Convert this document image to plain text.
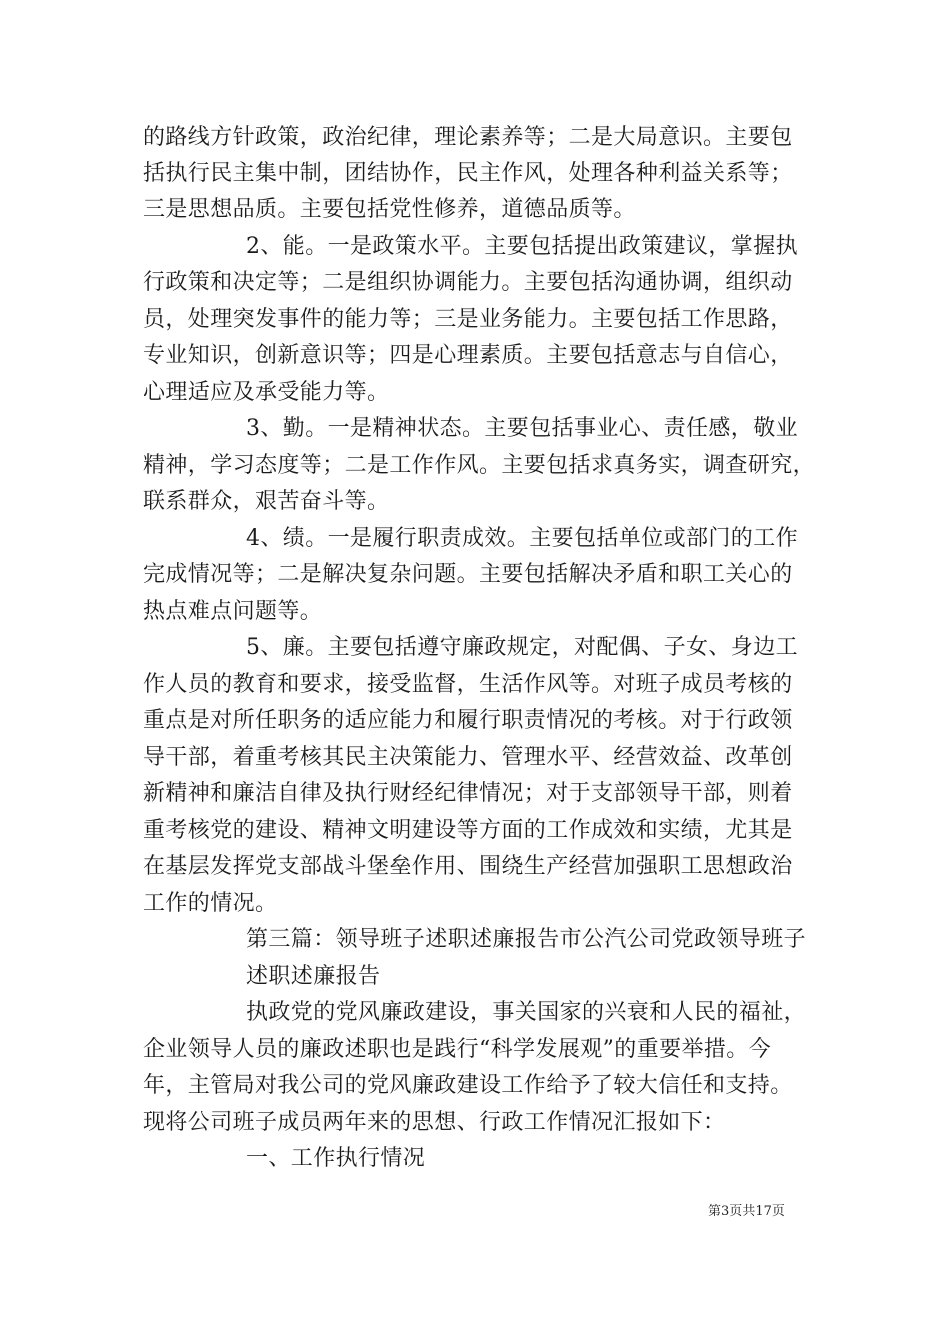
的路线方针政策，政治纪律，理论素养等；二是大局意识。主要包
括执行民主集中制，团结协作，民主作风，处理各种利益关系等；
三是思想品质。主要包括党性修养，道德品质等。
2、能。一是政策水平。主要包括提出政策建议，掌握执
行政策和决定等；二是组织协调能力。主要包括沟通协调，组织动
员，处理突发事件的能力等；三是业务能力。主要包括工作思路，
专业知识，创新意识等；四是心理素质。主要包括意志与自信心，
心理适应及承受能力等。
3、勤。一是精神状态。主要包括事业心、责任感，敬业
精神，学习态度等；二是工作作风。主要包括求真务实，调查研究，
联系群众，艰苦奋斗等。
4、绩。一是履行职责成效。主要包括单位或部门的工作
完成情况等；二是解决复杂问题。主要包括解决矛盾和职工关心的
热点难点问题等。
5、廉。主要包括遵守廉政规定，对配偶、子女、身边工
作人员的教育和要求，接受监督，生活作风等。对班子成员考核的
重点是对所任职务的适应能力和履行职责情况的考核。对于行政领
导干部，着重考核其民主决策能力、管理水平、经营效益、改革创
新精神和廉洁自律及执行财经纪律情况；对于支部领导干部，则着
重考核党的建设、精神文明建设等方面的工作成效和实绩，尤其是
在基层发挥党支部战斗堡垒作用、围绕生产经营加强职工思想政治
工作的情况。
第三篇：领导班子述职述廉报告市公汽公司党政领导班子
述职述廉报告
执政党的党风廉政建设，事关国家的兴衰和人民的福祉，
企业领导人员的廉政述职也是践行“科学发展观”的重要举措。今
年，主管局对我公司的党风廉政建设工作给予了较大信任和支持。
现将公司班子成员两年来的思想、行政工作情况汇报如下：
一、工作执行情况
第3页共17页
